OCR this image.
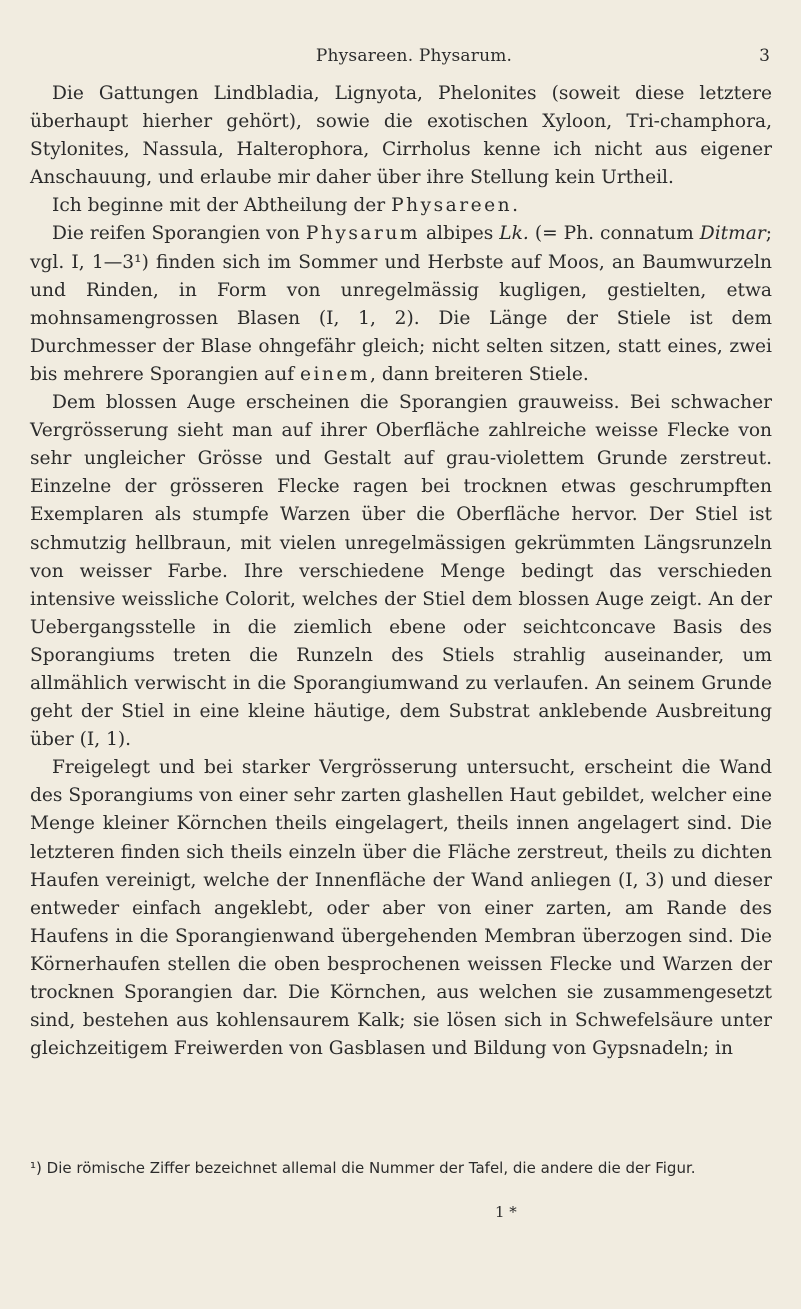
Physareen. Physarum.	3

Die Gattungen Lindbladia, Lignyota, Phelonites (soweit diese letztere überhaupt hierher gehört), sowie die exotischen Xyloon, Tri-champhora, Stylonites, Nassula, Halterophora, Cirrholus kenne ich nicht aus eigener Anschauung, und erlaube mir daher über ihre Stellung kein Urtheil.

Ich beginne mit der Abtheilung der Physareen.

Die reifen Sporangien von Physarum albipes Lk. (= Ph. connatum Ditmar; vgl. I, 1—3¹) finden sich im Sommer und Herbste auf Moos, an Baumwurzeln und Rinden, in Form von unregelmässig kugligen, gestielten, etwa mohnsamengrossen Blasen (I, 1, 2). Die Länge der Stiele ist dem Durchmesser der Blase ohngefähr gleich; nicht selten sitzen, statt eines, zwei bis mehrere Sporangien auf einem, dann breiteren Stiele.

Dem blossen Auge erscheinen die Sporangien grauweiss. Bei schwacher Vergrösserung sieht man auf ihrer Oberfläche zahlreiche weisse Flecke von sehr ungleicher Grösse und Gestalt auf grau-violettem Grunde zerstreut. Einzelne der grösseren Flecke ragen bei trocknen etwas geschrumpften Exemplaren als stumpfe Warzen über die Oberfläche hervor. Der Stiel ist schmutzig hellbraun, mit vielen unregelmässigen gekrümmten Längsrunzeln von weisser Farbe. Ihre verschiedene Menge bedingt das verschieden intensive weissliche Colorit, welches der Stiel dem blossen Auge zeigt. An der Uebergangsstelle in die ziemlich ebene oder seichtconcave Basis des Sporangiums treten die Runzeln des Stiels strahlig auseinander, um allmählich verwischt in die Sporangiumwand zu verlaufen. An seinem Grunde geht der Stiel in eine kleine häutige, dem Substrat anklebende Ausbreitung über (I, 1).

Freigelegt und bei starker Vergrösserung untersucht, erscheint die Wand des Sporangiums von einer sehr zarten glashellen Haut gebildet, welcher eine Menge kleiner Körnchen theils eingelagert, theils innen angelagert sind. Die letzteren finden sich theils einzeln über die Fläche zerstreut, theils zu dichten Haufen vereinigt, welche der Innenfläche der Wand anliegen (I, 3) und dieser entweder einfach angeklebt, oder aber von einer zarten, am Rande des Haufens in die Sporangienwand übergehenden Membran überzogen sind. Die Körnerhaufen stellen die oben besprochenen weissen Flecke und Warzen der trocknen Sporangien dar. Die Körnchen, aus welchen sie zusammengesetzt sind, bestehen aus kohlensaurem Kalk; sie lösen sich in Schwefelsäure unter gleichzeitigem Freiwerden von Gasblasen und Bildung von Gypsnadeln; in

¹) Die römische Ziffer bezeichnet allemal die Nummer der Tafel, die andere die der Figur.
1 *
